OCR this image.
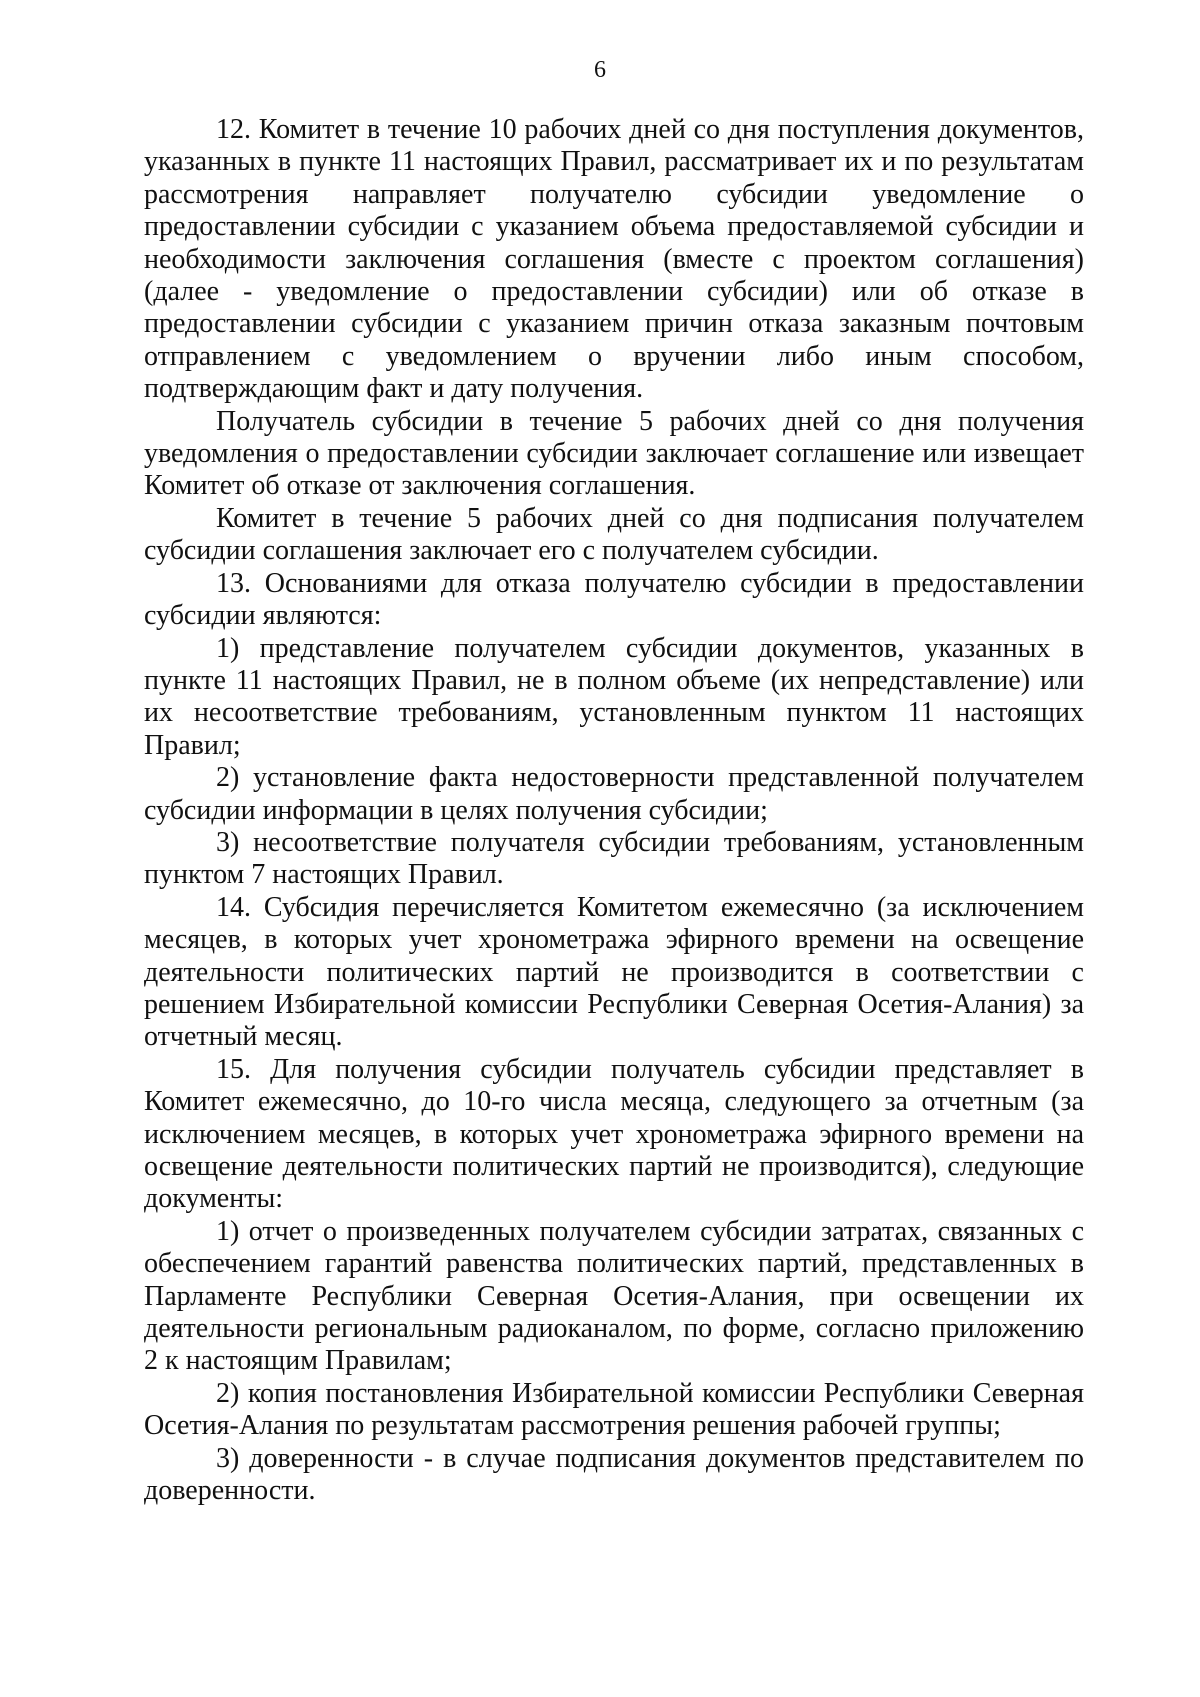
6

12. Комитет в течение 10 рабочих дней со дня поступления документов, указанных в пункте 11 настоящих Правил, рассматривает их и по результатам рассмотрения направляет получателю субсидии уведомление о предоставлении субсидии с указанием объема предоставляемой субсидии и необходимости заключения соглашения (вместе с проектом соглашения) (далее - уведомление о предоставлении субсидии) или об отказе в предоставлении субсидии с указанием причин отказа заказным почтовым отправлением с уведомлением о вручении либо иным способом, подтверждающим факт и дату получения.

Получатель субсидии в течение 5 рабочих дней со дня получения уведомления о предоставлении субсидии заключает соглашение или извещает Комитет об отказе от заключения соглашения.

Комитет в течение 5 рабочих дней со дня подписания получателем субсидии соглашения заключает его с получателем субсидии.

13. Основаниями для отказа получателю субсидии в предоставлении субсидии являются:

1) представление получателем субсидии документов, указанных в пункте 11 настоящих Правил, не в полном объеме (их непредставление) или их несоответствие требованиям, установленным пунктом 11 настоящих Правил;

2) установление факта недостоверности представленной получателем субсидии информации в целях получения субсидии;

3) несоответствие получателя субсидии требованиям, установленным пунктом 7 настоящих Правил.

14. Субсидия перечисляется Комитетом ежемесячно (за исключением месяцев, в которых учет хронометража эфирного времени на освещение деятельности политических партий не производится в соответствии с решением Избирательной комиссии Республики Северная Осетия-Алания) за отчетный месяц.

15. Для получения субсидии получатель субсидии представляет в Комитет ежемесячно, до 10-го числа месяца, следующего за отчетным (за исключением месяцев, в которых учет хронометража эфирного времени на освещение деятельности политических партий не производится), следующие документы:

1) отчет о произведенных получателем субсидии затратах, связанных с обеспечением гарантий равенства политических партий, представленных в Парламенте Республики Северная Осетия-Алания, при освещении их деятельности региональным радиоканалом, по форме, согласно приложению 2 к настоящим Правилам;

2) копия постановления Избирательной комиссии Республики Северная Осетия-Алания по результатам рассмотрения решения рабочей группы;

3) доверенности - в случае подписания документов представителем по доверенности.
